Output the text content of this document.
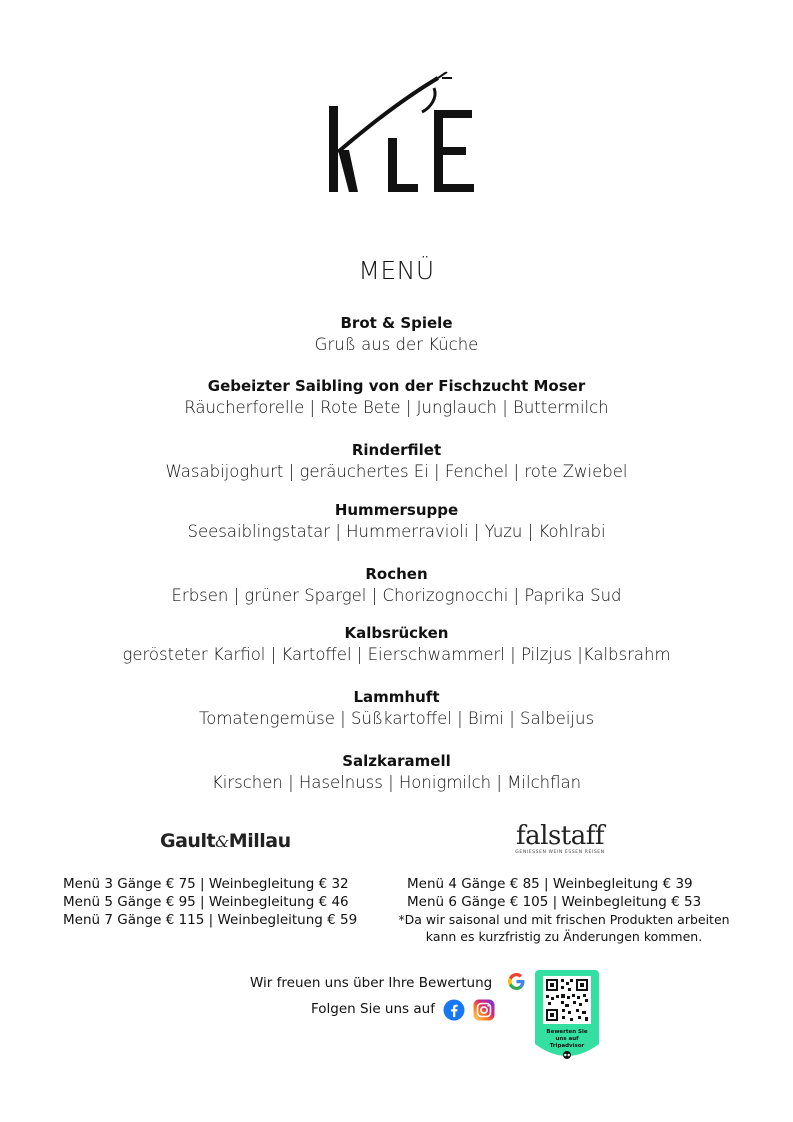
MENÜ
Brot & Spiele
Gruß aus der Küche
Gebeizter Saibling von der Fischzucht Moser
Räucherforelle | Rote Bete | Junglauch | Buttermilch
Rinderfilet
Wasabijoghurt | geräuchertes Ei | Fenchel | rote Zwiebel
Hummersuppe
Seesaiblingstatar | Hummerravioli | Yuzu | Kohlrabi
Rochen
Erbsen | grüner Spargel | Chorizognocchi | Paprika Sud
Kalbsrücken
gerösteter Karfiol | Kartoffel | Eierschwammerl | Pilzjus |Kalbsrahm
Lammhuft
Tomatengemüse | Süßkartoffel | Bimi | Salbeijus
Salzkaramell
Kirschen | Haselnuss | Honigmilch | Milchflan
Gault&Millau	falstaff
GENIESSEN WEIN ESSEN REISEN
Menü 3 Gänge € 75 | Weinbegleitung € 32
Menü 5 Gänge € 95 | Weinbegleitung € 46
Menü 7 Gänge € 115 | Weinbegleitung € 59
Menü 4 Gänge € 85 | Weinbegleitung € 39
Menü 6 Gänge € 105 | Weinbegleitung € 53
*Da wir saisonal und mit frischen Produkten arbeiten
kann es kurzfristig zu Änderungen kommen.
Wir freuen uns über Ihre Bewertung
Folgen Sie uns auf
Bewerten Sie
uns auf
Tripadvisor
